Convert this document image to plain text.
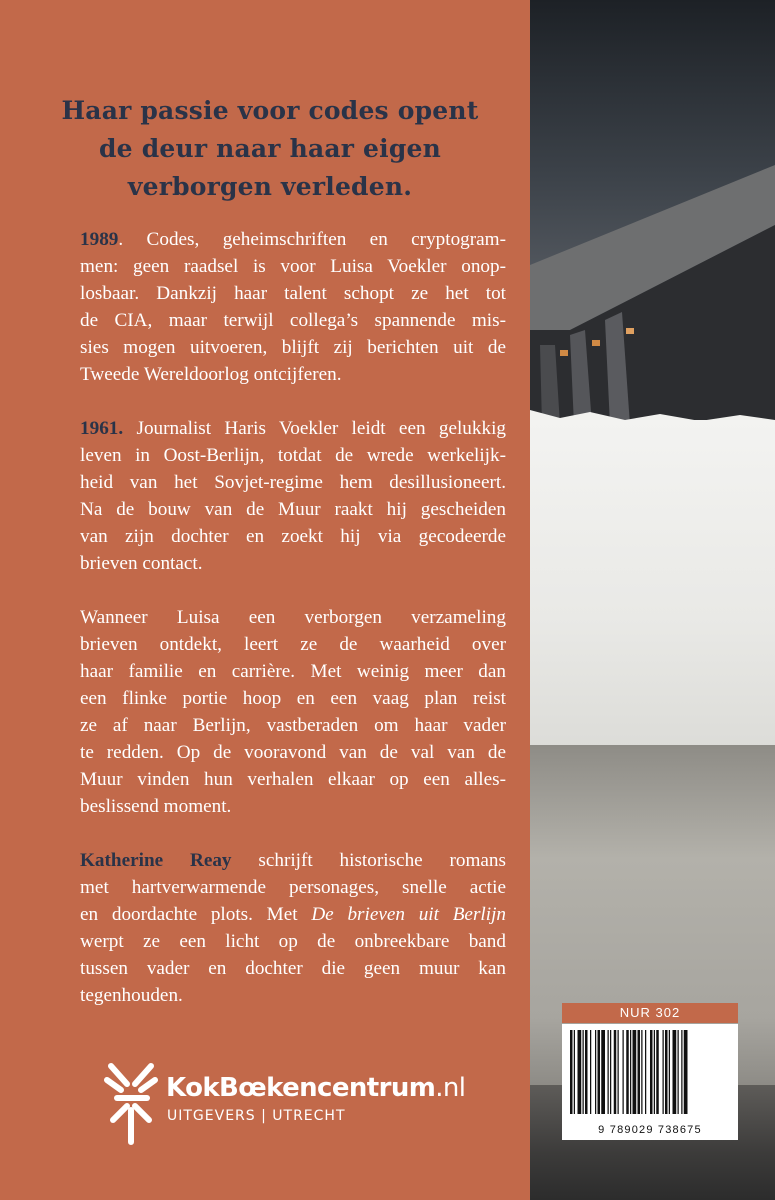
Haar passie voor codes opent
de deur naar haar eigen
verborgen verleden.

1989. Codes, geheimschriften en cryptogram-
men: geen raadsel is voor Luisa Voekler onop-
losbaar. Dankzij haar talent schopt ze het tot
de CIA, maar terwijl collega’s spannende mis-
sies mogen uitvoeren, blijft zij berichten uit de
Tweede Wereldoorlog ontcijferen.

1961. Journalist Haris Voekler leidt een gelukkig
leven in Oost-Berlijn, totdat de wrede werkelijk-
heid van het Sovjet-regime hem desillusioneert.
Na de bouw van de Muur raakt hij gescheiden
van zijn dochter en zoekt hij via gecodeerde
brieven contact.

Wanneer Luisa een verborgen verzameling
brieven ontdekt, leert ze de waarheid over
haar familie en carrière. Met weinig meer dan
een flinke portie hoop en een vaag plan reist
ze af naar Berlijn, vastberaden om haar vader
te redden. Op de vooravond van de val van de
Muur vinden hun verhalen elkaar op een alles-
beslissend moment.

Katherine Reay schrijft historische romans
met hartverwarmende personages, snelle actie
en doordachte plots. Met De brieven uit Berlijn
werpt ze een licht op de onbreekbare band
tussen vader en dochter die geen muur kan
tegenhouden.

NUR 302
9 789029 738675
KokBœkencentrum.nl
UITGEVERS | UTRECHT
